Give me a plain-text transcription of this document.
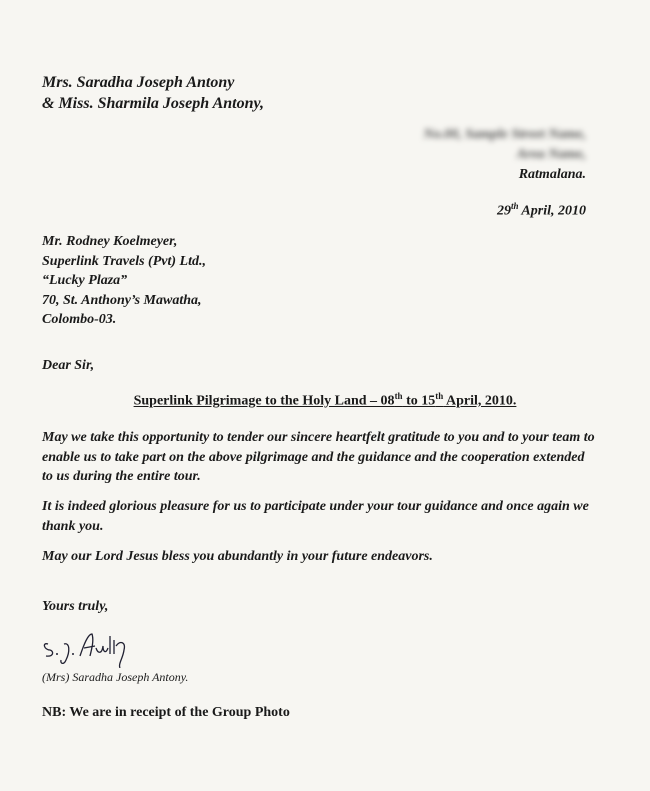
Mrs. Saradha Joseph Antony
& Miss. Sharmila Joseph Antony,
No.00, Sample Street Name,
Area Name,
Ratmalana.
29th April, 2010
Mr. Rodney Koelmeyer,
Superlink Travels (Pvt) Ltd.,
“Lucky Plaza”
70, St. Anthony’s Mawatha,
Colombo-03.
Dear Sir,
Superlink Pilgrimage to the Holy Land – 08th to 15th April, 2010.
May we take this opportunity to tender our sincere heartfelt gratitude to you and to your team to enable us to take part on the above pilgrimage and the guidance and the cooperation extended to us during the entire tour.
It is indeed glorious pleasure for us to participate under your tour guidance and once again we thank you.
May our Lord Jesus bless you abundantly in your future endeavors.
Yours truly,
(Mrs) Saradha Joseph Antony.
NB: We are in receipt of the Group Photo
